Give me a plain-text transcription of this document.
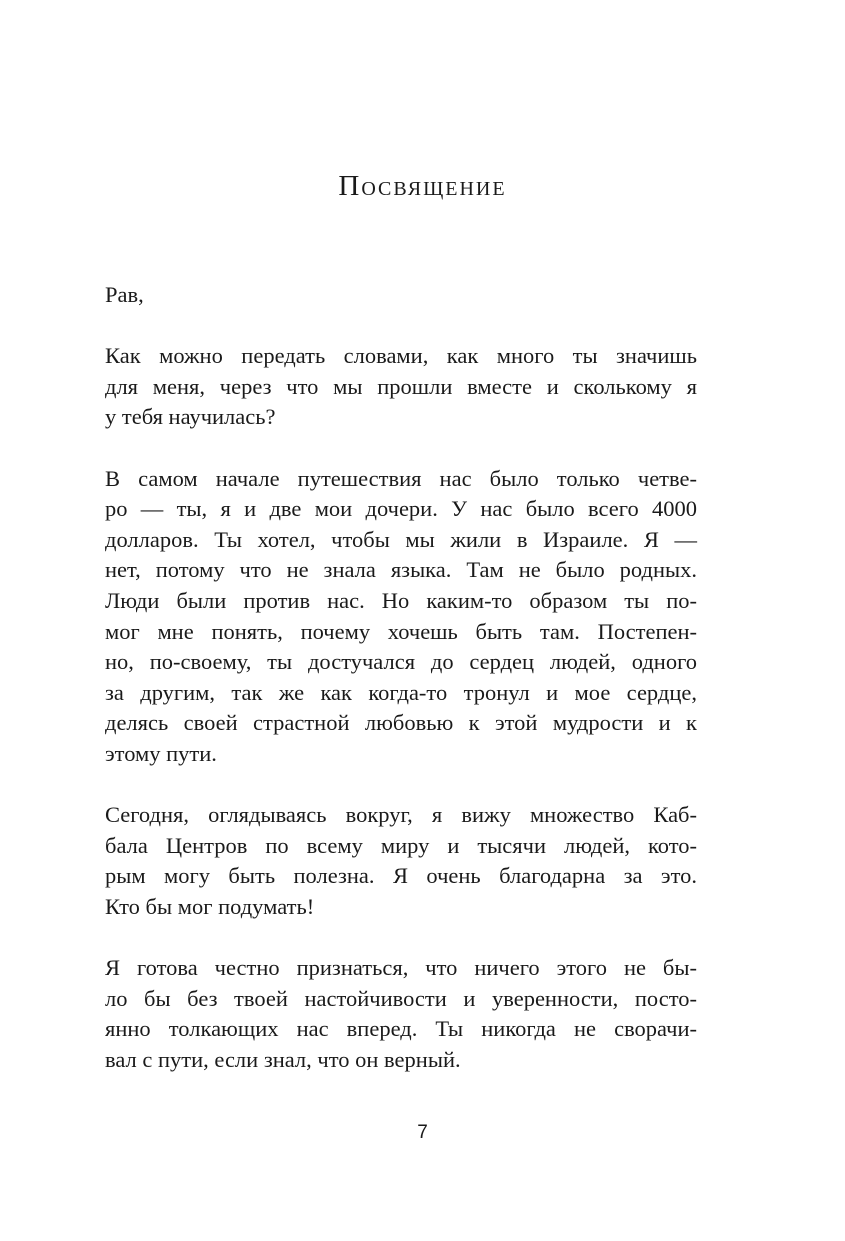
Посвящение

Рав,

Как можно передать словами, как много ты значишь
для меня, через что мы прошли вместе и сколькому я
у тебя научилась?

В самом начале путешествия нас было только четве-
ро — ты, я и две мои дочери. У нас было всего 4000
долларов. Ты хотел, чтобы мы жили в Израиле. Я —
нет, потому что не знала языка. Там не было родных.
Люди были против нас. Но каким-то образом ты по-
мог мне понять, почему хочешь быть там. Постепен-
но, по-своему, ты достучался до сердец людей, одного
за другим, так же как когда-то тронул и мое сердце,
делясь своей страстной любовью к этой мудрости и к
этому пути.

Сегодня, оглядываясь вокруг, я вижу множество Каб-
бала Центров по всему миру и тысячи людей, кото-
рым могу быть полезна. Я очень благодарна за это.
Кто бы мог подумать!

Я готова честно признаться, что ничего этого не бы-
ло бы без твоей настойчивости и уверенности, посто-
янно толкающих нас вперед. Ты никогда не сворачи-
вал с пути, если знал, что он верный.

7
